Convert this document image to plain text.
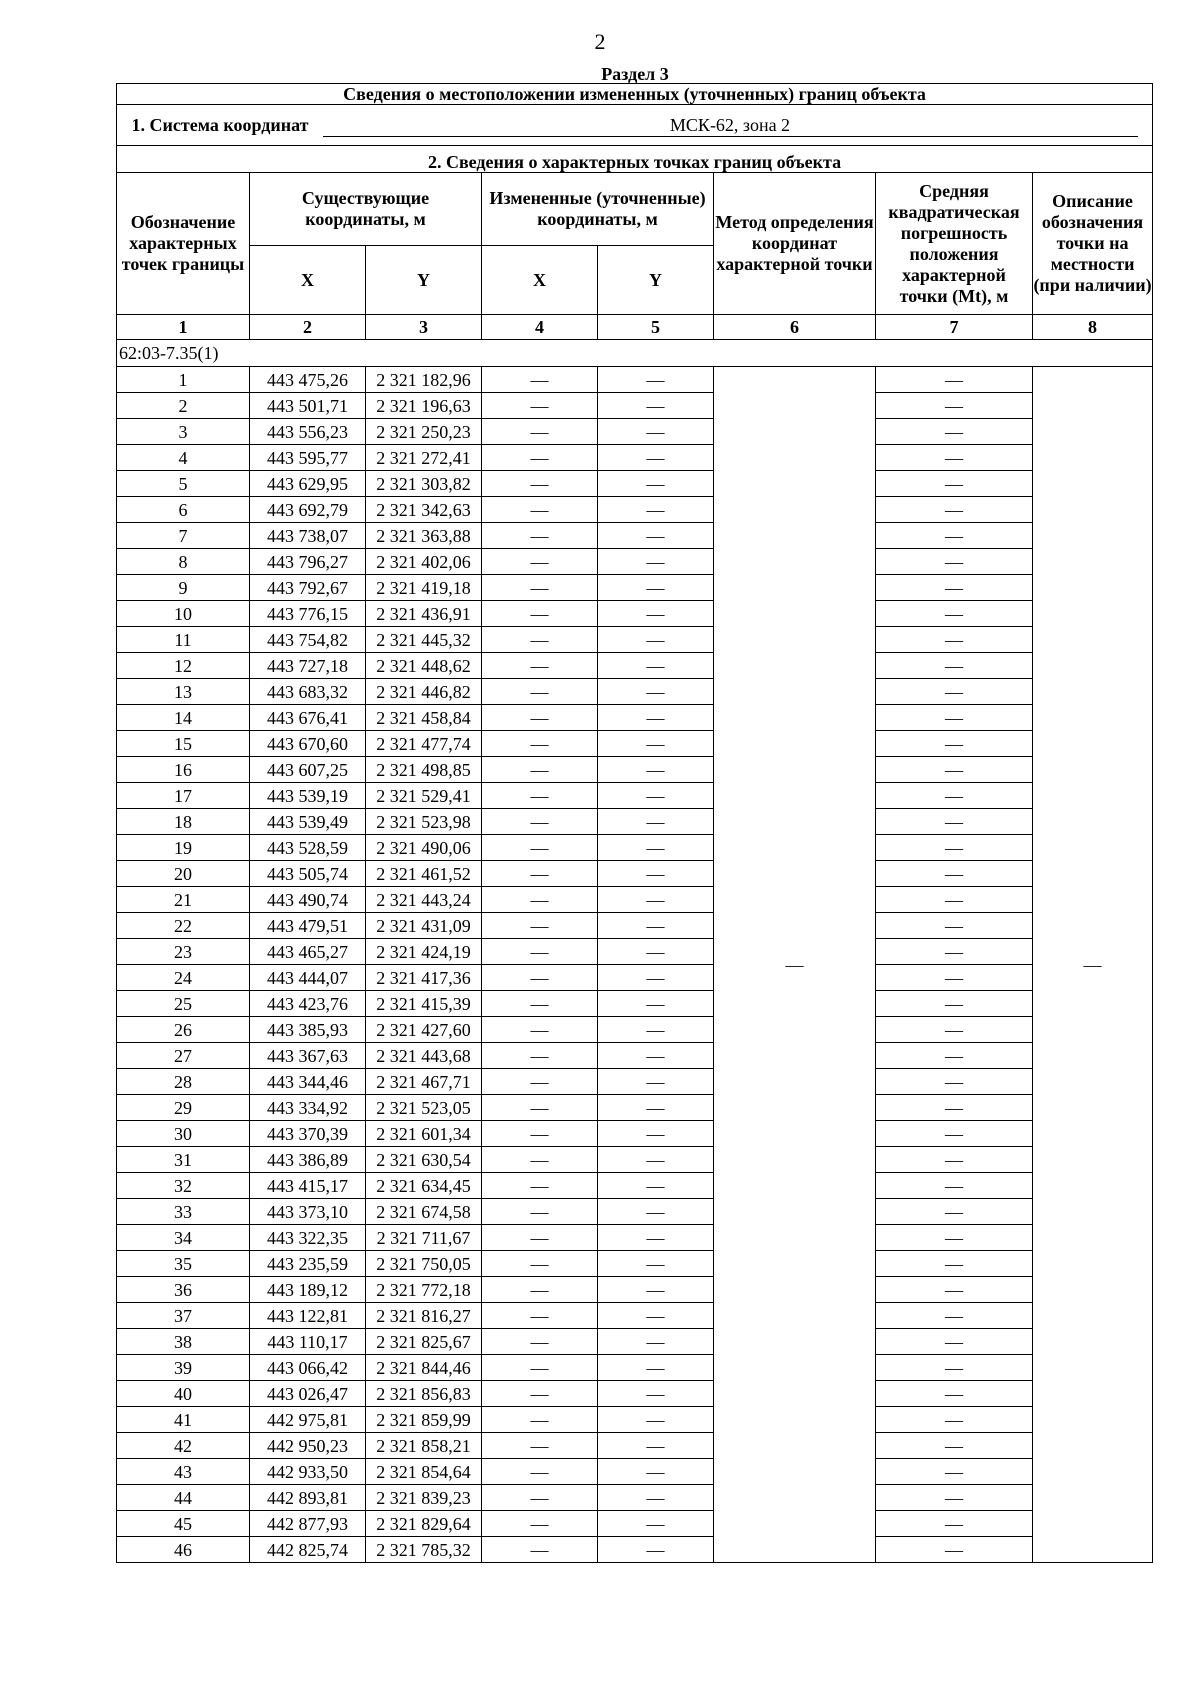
2
Раздел 3
Сведения о местоположении измененных (уточненных) границ объекта							
1. Система координат МСК-62, зона 2							
2. Сведения о характерных точках границ объекта							
Обозначение характерных точек границы	Существующие координаты, м		Измененные (уточненные) координаты, м		Метод определения координат характерной точки	Средняя квадратическая погрешность положения характерной точки (Mt), м	Описание обозначения точки на местности (при наличии)
	X	Y	X	Y			
1	2	3	4	5	6	7	8
62:03-7.35(1)							
1	443 475,26	2 321 182,96	—	—	—	—	—
2	443 501,71	2 321 196,63	—	—		—	
3	443 556,23	2 321 250,23	—	—		—	
4	443 595,77	2 321 272,41	—	—		—	
5	443 629,95	2 321 303,82	—	—		—	
6	443 692,79	2 321 342,63	—	—		—	
7	443 738,07	2 321 363,88	—	—		—	
8	443 796,27	2 321 402,06	—	—		—	
9	443 792,67	2 321 419,18	—	—		—	
10	443 776,15	2 321 436,91	—	—		—	
11	443 754,82	2 321 445,32	—	—		—	
12	443 727,18	2 321 448,62	—	—		—	
13	443 683,32	2 321 446,82	—	—		—	
14	443 676,41	2 321 458,84	—	—		—	
15	443 670,60	2 321 477,74	—	—		—	
16	443 607,25	2 321 498,85	—	—		—	
17	443 539,19	2 321 529,41	—	—		—	
18	443 539,49	2 321 523,98	—	—		—	
19	443 528,59	2 321 490,06	—	—		—	
20	443 505,74	2 321 461,52	—	—		—	
21	443 490,74	2 321 443,24	—	—		—	
22	443 479,51	2 321 431,09	—	—		—	
23	443 465,27	2 321 424,19	—	—		—	
24	443 444,07	2 321 417,36	—	—		—	
25	443 423,76	2 321 415,39	—	—		—	
26	443 385,93	2 321 427,60	—	—		—	
27	443 367,63	2 321 443,68	—	—		—	
28	443 344,46	2 321 467,71	—	—		—	
29	443 334,92	2 321 523,05	—	—		—	
30	443 370,39	2 321 601,34	—	—		—	
31	443 386,89	2 321 630,54	—	—		—	
32	443 415,17	2 321 634,45	—	—		—	
33	443 373,10	2 321 674,58	—	—		—	
34	443 322,35	2 321 711,67	—	—		—	
35	443 235,59	2 321 750,05	—	—		—	
36	443 189,12	2 321 772,18	—	—		—	
37	443 122,81	2 321 816,27	—	—		—	
38	443 110,17	2 321 825,67	—	—		—	
39	443 066,42	2 321 844,46	—	—		—	
40	443 026,47	2 321 856,83	—	—		—	
41	442 975,81	2 321 859,99	—	—		—	
42	442 950,23	2 321 858,21	—	—		—	
43	442 933,50	2 321 854,64	—	—		—	
44	442 893,81	2 321 839,23	—	—		—	
45	442 877,93	2 321 829,64	—	—		—	
46	442 825,74	2 321 785,32	—	—		—	
